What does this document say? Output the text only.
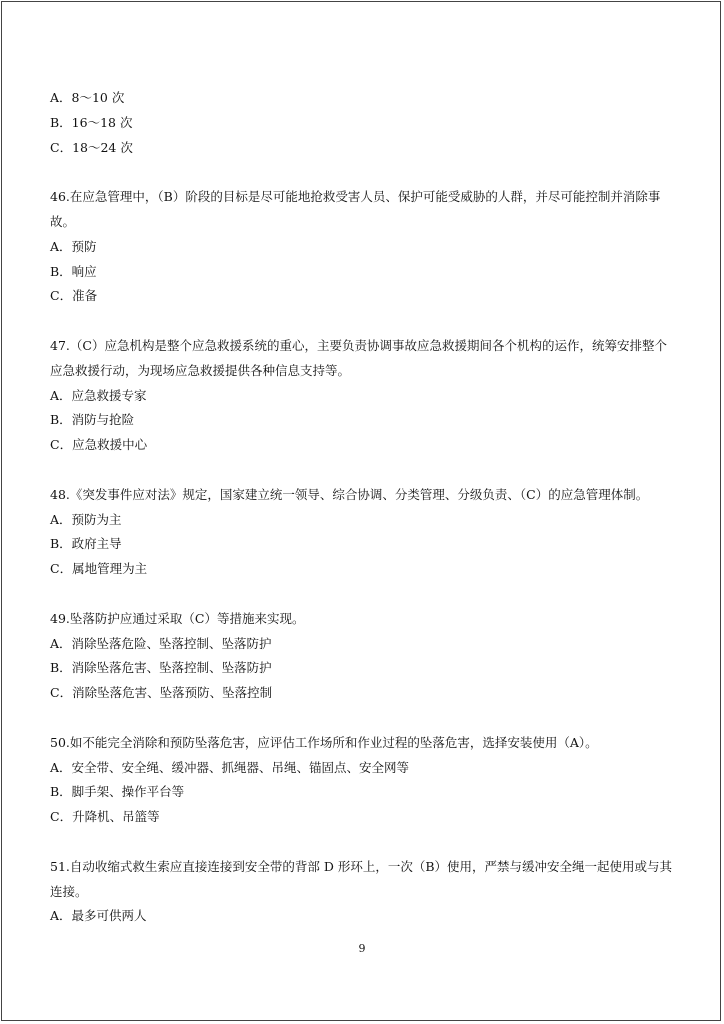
A．8～10 次
B．16～18 次
C．18～24 次
46.在应急管理中，（B）阶段的目标是尽可能地抢救受害人员、保护可能受威胁的人群，并尽可能控制并消除事
故。
A．预防
B．响应
C．准备
47.（C）应急机构是整个应急救援系统的重心，主要负责协调事故应急救援期间各个机构的运作，统筹安排整个
应急救援行动，为现场应急救援提供各种信息支持等。
A．应急救援专家
B．消防与抢险
C．应急救援中心
48.《突发事件应对法》规定，国家建立统一领导、综合协调、分类管理、分级负责、（C）的应急管理体制。
A．预防为主
B．政府主导
C．属地管理为主
49.坠落防护应通过采取（C）等措施来实现。
A．消除坠落危险、坠落控制、坠落防护
B．消除坠落危害、坠落控制、坠落防护
C．消除坠落危害、坠落预防、坠落控制
50.如不能完全消除和预防坠落危害，应评估工作场所和作业过程的坠落危害，选择安装使用（A）。
A．安全带、安全绳、缓冲器、抓绳器、吊绳、锚固点、安全网等
B．脚手架、操作平台等
C．升降机、吊篮等
51.自动收缩式救生索应直接连接到安全带的背部 D 形环上，一次（B）使用，严禁与缓冲安全绳一起使用或与其
连接。
A．最多可供两人
9
